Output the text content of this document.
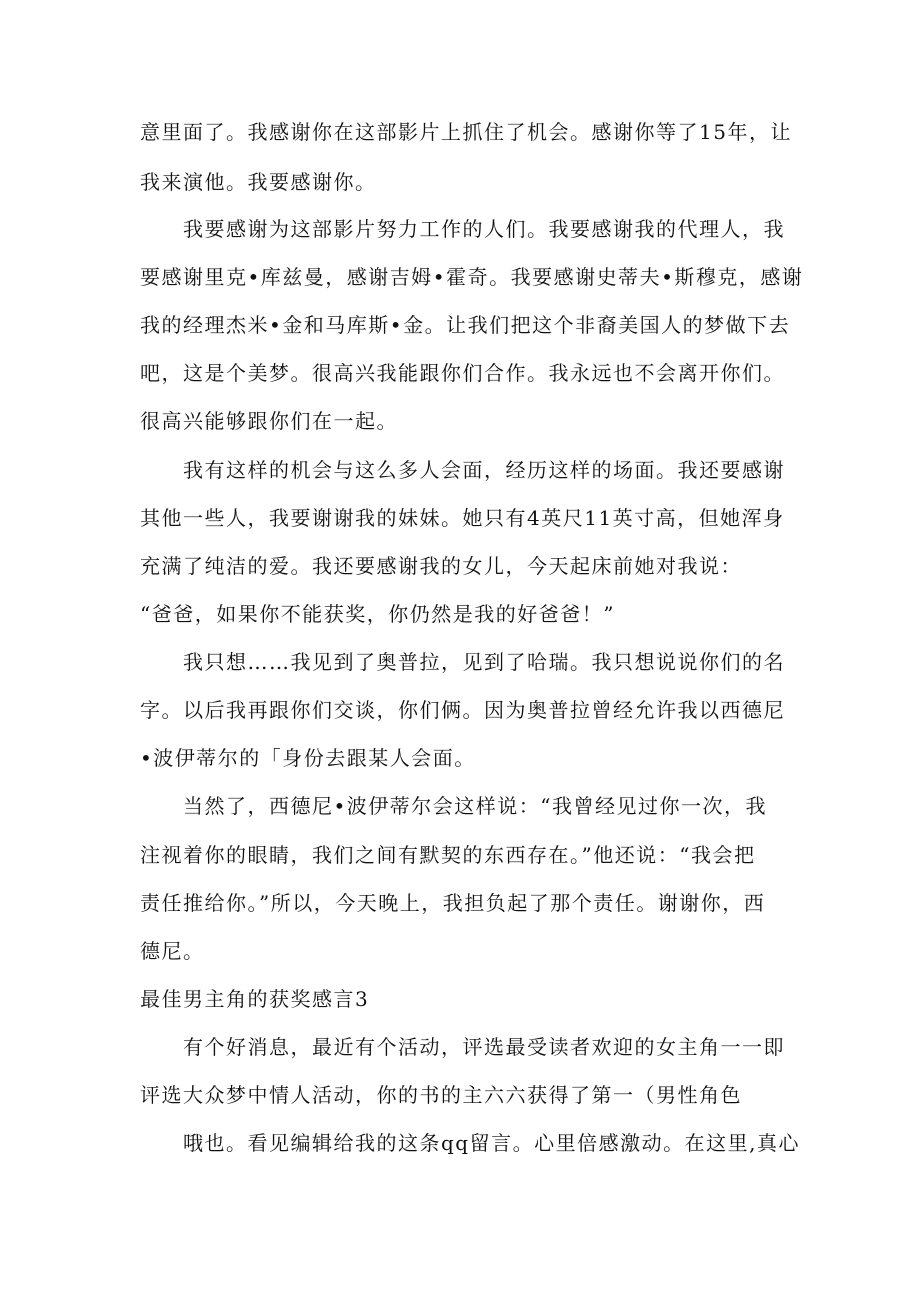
意里面了。我感谢你在这部影片上抓住了机会。感谢你等了15年，让
我来演他。我要感谢你。
我要感谢为这部影片努力工作的人们。我要感谢我的代理人，我
要感谢里克•库兹曼，感谢吉姆•霍奇。我要感谢史蒂夫•斯穆克，感谢
我的经理杰米•金和马库斯•金。让我们把这个非裔美国人的梦做下去
吧，这是个美梦。很高兴我能跟你们合作。我永远也不会离开你们。
很高兴能够跟你们在一起。
我有这样的机会与这么多人会面，经历这样的场面。我还要感谢
其他一些人，我要谢谢我的妹妹。她只有4英尺11英寸高，但她浑身
充满了纯洁的爱。我还要感谢我的女儿，今天起床前她对我说：
“爸爸，如果你不能获奖，你仍然是我的好爸爸！”
我只想……我见到了奥普拉，见到了哈瑞。我只想说说你们的名
字。以后我再跟你们交谈，你们俩。因为奥普拉曾经允许我以西德尼
•波伊蒂尔的「身份去跟某人会面。
当然了，西德尼•波伊蒂尔会这样说：“我曾经见过你一次，我
注视着你的眼睛，我们之间有默契的东西存在。”他还说：“我会把
责任推给你。”所以，今天晚上，我担负起了那个责任。谢谢你，西
德尼。
最佳男主角的获奖感言3
有个好消息，最近有个活动，评选最受读者欢迎的女主角一一即
评选大众梦中情人活动，你的书的主六六获得了第一（男性角色
哦也。看见编辑给我的这条qq留言。心里倍感激动。在这里,真心
